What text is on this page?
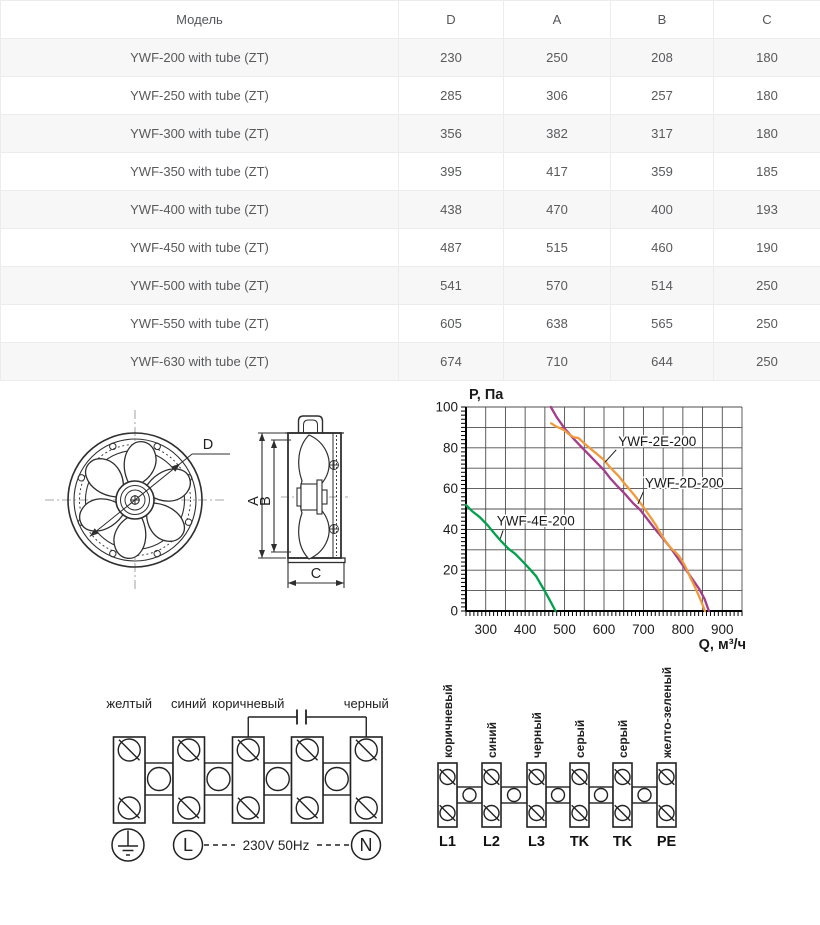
Модель	D	A	B	C
YWF-200 with tube (ZT)	230	250	208	180
YWF-250 with tube (ZT)	285	306	257	180
YWF-300 with tube (ZT)	356	382	317	180
YWF-350 with tube (ZT)	395	417	359	185
YWF-400 with tube (ZT)	438	470	400	193
YWF-450 with tube (ZT)	487	515	460	190
YWF-500 with tube (ZT)	541	570	514	250
YWF-550 with tube (ZT)	605	638	565	250
YWF-630 with tube (ZT)	674	710	644	250
D
A
B
C
300 400 500 600 700 800 900
0
20
40
60
80
100
P, Па
Q, м³/ч
YWF-4E-200
YWF-2E-200
YWF-2D-200
желтый синий коричневый	черный
L	N
230V 50Hz
коричневый	синий	черный серый серый	желто-зеленый
L1 L2 L3 TK TK PE
